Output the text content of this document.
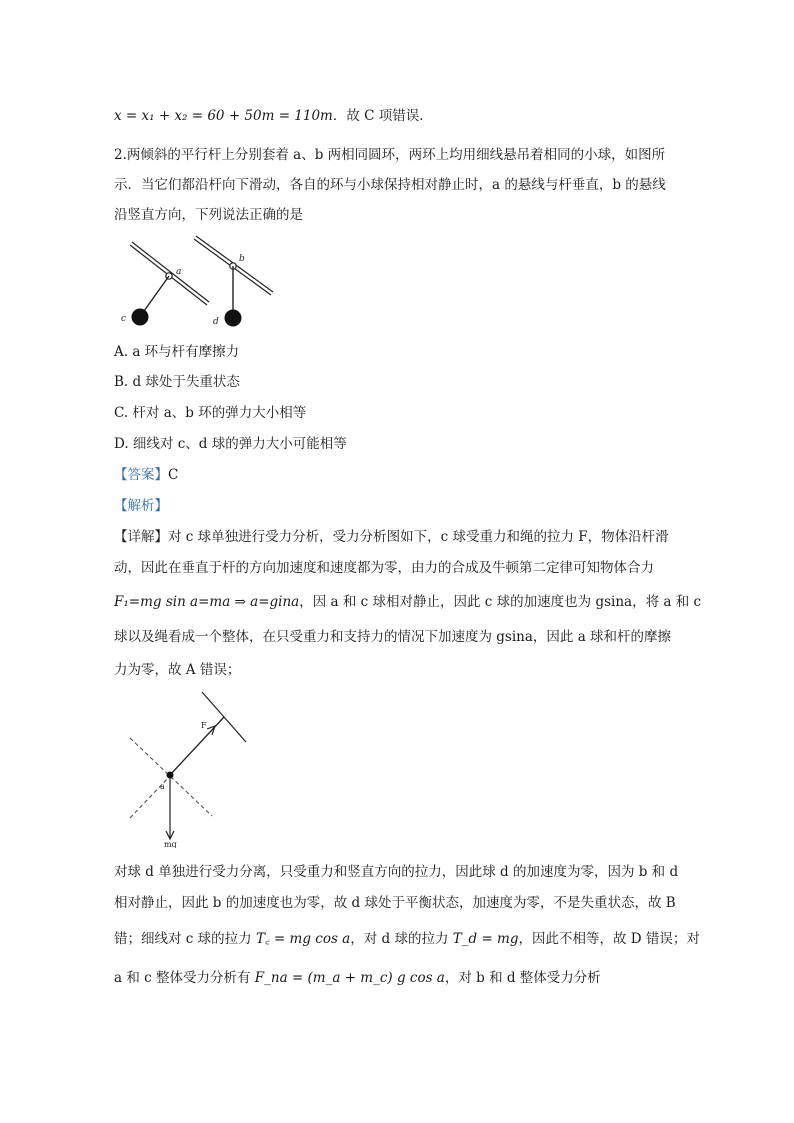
x = x₁ + x₂ = 60 + 50m = 110m．故 C 项错误．
2.两倾斜的平行杆上分别套着 a、b 两相同圆环，两环上均用细线悬吊着相同的小球，如图所
示．当它们都沿杆向下滑动，各自的环与小球保持相对静止时，a 的悬线与杆垂直，b 的悬线
沿竖直方向，下列说法正确的是
a
c
b
d
A. a 环与杆有摩擦力
B. d 球处于失重状态
C. 杆对 a、b 环的弹力大小相等
D. 细线对 c、d 球的弹力大小可能相等
【答案】C
【解析】
【详解】对 c 球单独进行受力分析，受力分析图如下，c 球受重力和绳的拉力 F，物体沿杆滑
动，因此在垂直于杆的方向加速度和速度都为零，由力的合成及牛顿第二定律可知物体合力
F₁=mg sin a=ma ⇒ a=gina，因 a 和 c 球相对静止，因此 c 球的加速度也为 gsina，将 a 和 c
球以及绳看成一个整体，在只受重力和支持力的情况下加速度为 gsina，因此 a 球和杆的摩擦
力为零，故 A 错误；
F
a
mg
对球 d 单独进行受力分离，只受重力和竖直方向的拉力，因此球 d 的加速度为零，因为 b 和 d
相对静止，因此 b 的加速度也为零，故 d 球处于平衡状态，加速度为零，不是失重状态，故 B
错；细线对 c 球的拉力 T꜀ = mg cos a，对 d 球的拉力 T_d = mg，因此不相等，故 D 错误；对
a 和 c 整体受力分析有 F_na = (m_a + m_c) g cos a，对 b 和 d 整体受力分析
